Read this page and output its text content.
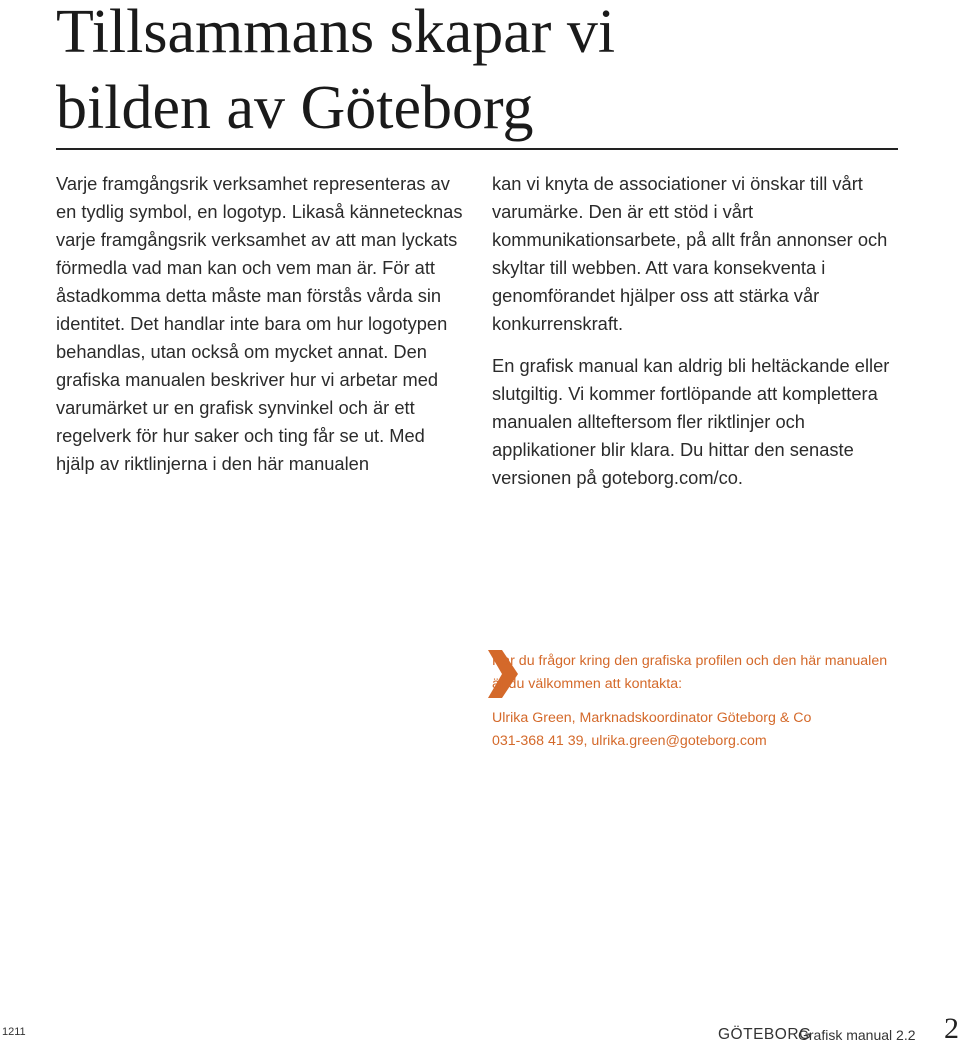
Tillsammans skapar vi
bilden av Göteborg

Varje framgångsrik verksamhet representeras av en tydlig symbol, en logotyp. Likaså kännetecknas varje framgångsrik verksamhet av att man lyckats förmedla vad man kan och vem man är. För att åstadkomma detta måste man förstås vårda sin identitet. Det handlar inte bara om hur logotypen behandlas, utan också om mycket annat. Den grafiska manualen beskriver hur vi arbetar med varumärket ur en grafisk synvinkel och är ett regelverk för hur saker och ting får se ut. Med hjälp av riktlinjerna i den här manualen

kan vi knyta de associationer vi önskar till vårt varumärke. Den är ett stöd i vårt kommunikationsarbete, på allt från annonser och skyltar till webben. Att vara konsekventa i genomförandet hjälper oss att stärka vår konkurrenskraft.

En grafisk manual kan aldrig bli heltäckande eller slutgiltig. Vi kommer fortlöpande att komplettera manualen allteftersom fler riktlinjer och applikationer blir klara. Du hittar den senaste versionen på goteborg.com/co.

Har du frågor kring den grafiska profilen och den här manualen är du välkommen att kontakta:

Ulrika Green, Marknadskoordinator Göteborg & Co
031-368 41 39, ulrika.green@goteborg.com

1211	GÖTEBORG
Grafisk manual 2.2 2
